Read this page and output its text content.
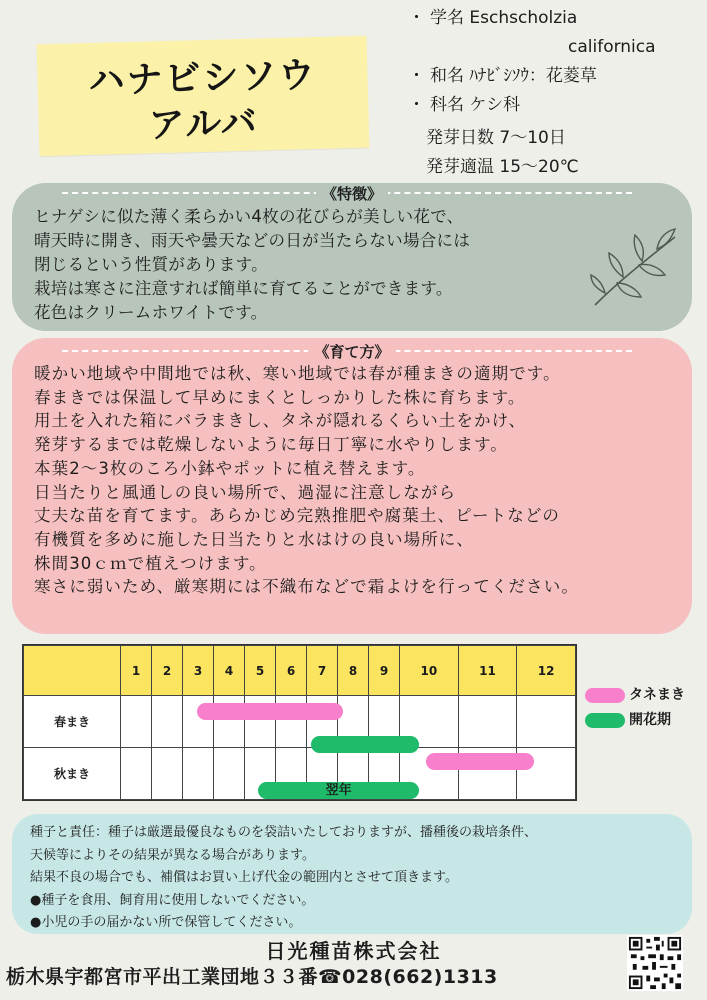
ハナビシソウ
アルバ
・ 学名 Eschscholzia
californica
・ 和名 ﾊﾅﾋﾞｼｿｳ：花菱草
・ 科名 ケシ科
発芽日数 7～10日
発芽適温 15～20℃
《特徴》
ヒナゲシに似た薄く柔らかい4枚の花びらが美しい花で、
晴天時に開き、雨天や曇天などの日が当たらない場合には
閉じるという性質があります。
栽培は寒さに注意すれば簡単に育てることができます。
花色はクリームホワイトです。
《育て方》
暖かい地域や中間地では秋、寒い地域では春が種まきの適期です。
春まきでは保温して早めにまくとしっかりした株に育ちます。
用土を入れた箱にバラまきし、タネが隠れるくらい土をかけ、
発芽するまでは乾燥しないように毎日丁寧に水やりします。
本葉2～3枚のころ小鉢やポットに植え替えます。
日当たりと風通しの良い場所で、過湿に注意しながら
丈夫な苗を育てます。あらかじめ完熟推肥や腐葉土、ピートなどの
有機質を多めに施した日当たりと水はけの良い場所に、
株間30ｃｍで植えつけます。
寒さに弱いため、厳寒期には不織布などで霜よけを行ってください。
	1	2	3	4	5	6	7	8	9	10	11	12
春まき												
秋まき												
翌年
タネまき
開花期
種子と責任：種子は厳選最優良なものを袋詰いたしておりますが、播種後の栽培条件、
天候等によりその結果が異なる場合があります。
結果不良の場合でも、補償はお買い上げ代金の範囲内とさせて頂きます。
●種子を食用、飼育用に使用しないでください。
●小児の手の届かない所で保管してください。
日光種苗株式会社
栃木県宇都宮市平出工業団地３３番☎028(662)1313
